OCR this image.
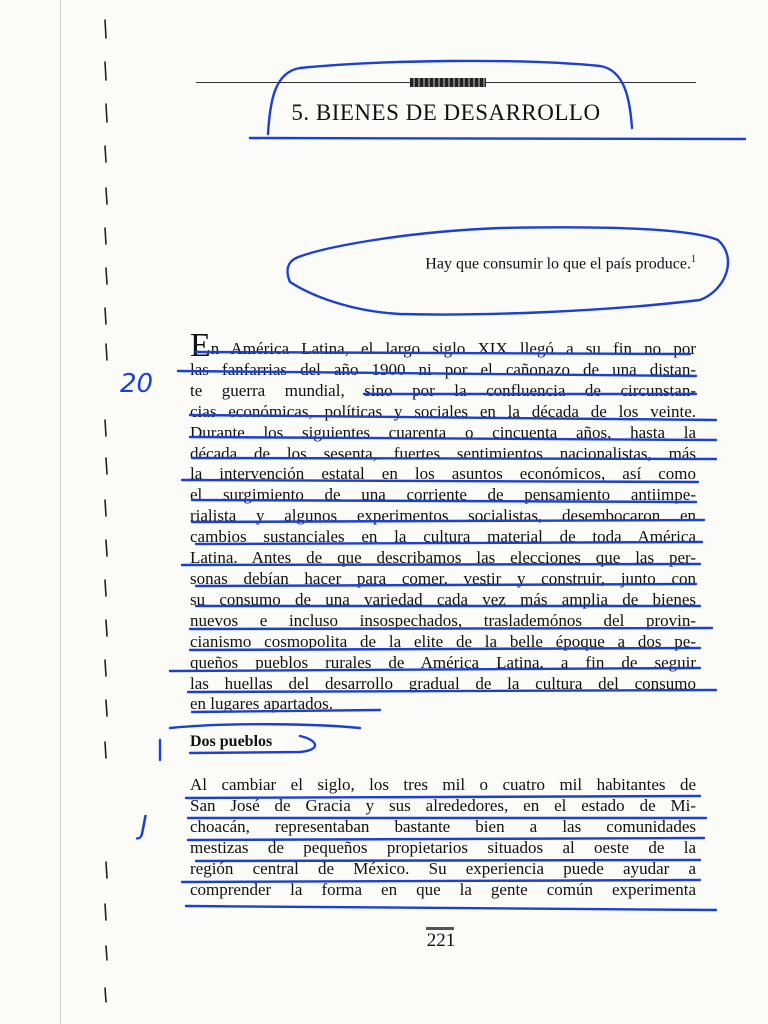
5. BIENES DE DESARROLLO
Hay que consumir lo que el país produce.$^1$
En América Latina, el largo siglo XIX llegó a su fin no por
las fanfarrias del año 1900 ni por el cañonazo de una distan-
te guerra mundial, sino por la confluencia de circunstan-
cias económicas, políticas y sociales en la década de los veinte.
Durante los siguientes cuarenta o cincuenta años, hasta la
década de los sesenta, fuertes sentimientos nacionalistas, más
la intervención estatal en los asuntos económicos, así como
el surgimiento de una corriente de pensamiento antiimpe-
rialista y algunos experimentos socialistas, desembocaron en
cambios sustanciales en la cultura material de toda América
Latina. Antes de que describamos las elecciones que las per-
sonas debían hacer para comer, vestir y construir, junto con
su consumo de una variedad cada vez más amplia de bienes
nuevos e incluso insospechados, traslademónos del provin-
cianismo cosmopolita de la elite de la belle époque a dos pe-
queños pueblos rurales de América Latina, a fin de seguir
las huellas del desarrollo gradual de la cultura del consumo
en lugares apartados.
Dos pueblos
Al cambiar el siglo, los tres mil o cuatro mil habitantes de
San José de Gracia y sus alrededores, en el estado de Mi-
choacán, representaban bastante bien a las comunidades
mestizas de pequeños propietarios situados al oeste de la
región central de México. Su experiencia puede ayudar a
comprender la forma en que la gente común experimenta
221
20
J
